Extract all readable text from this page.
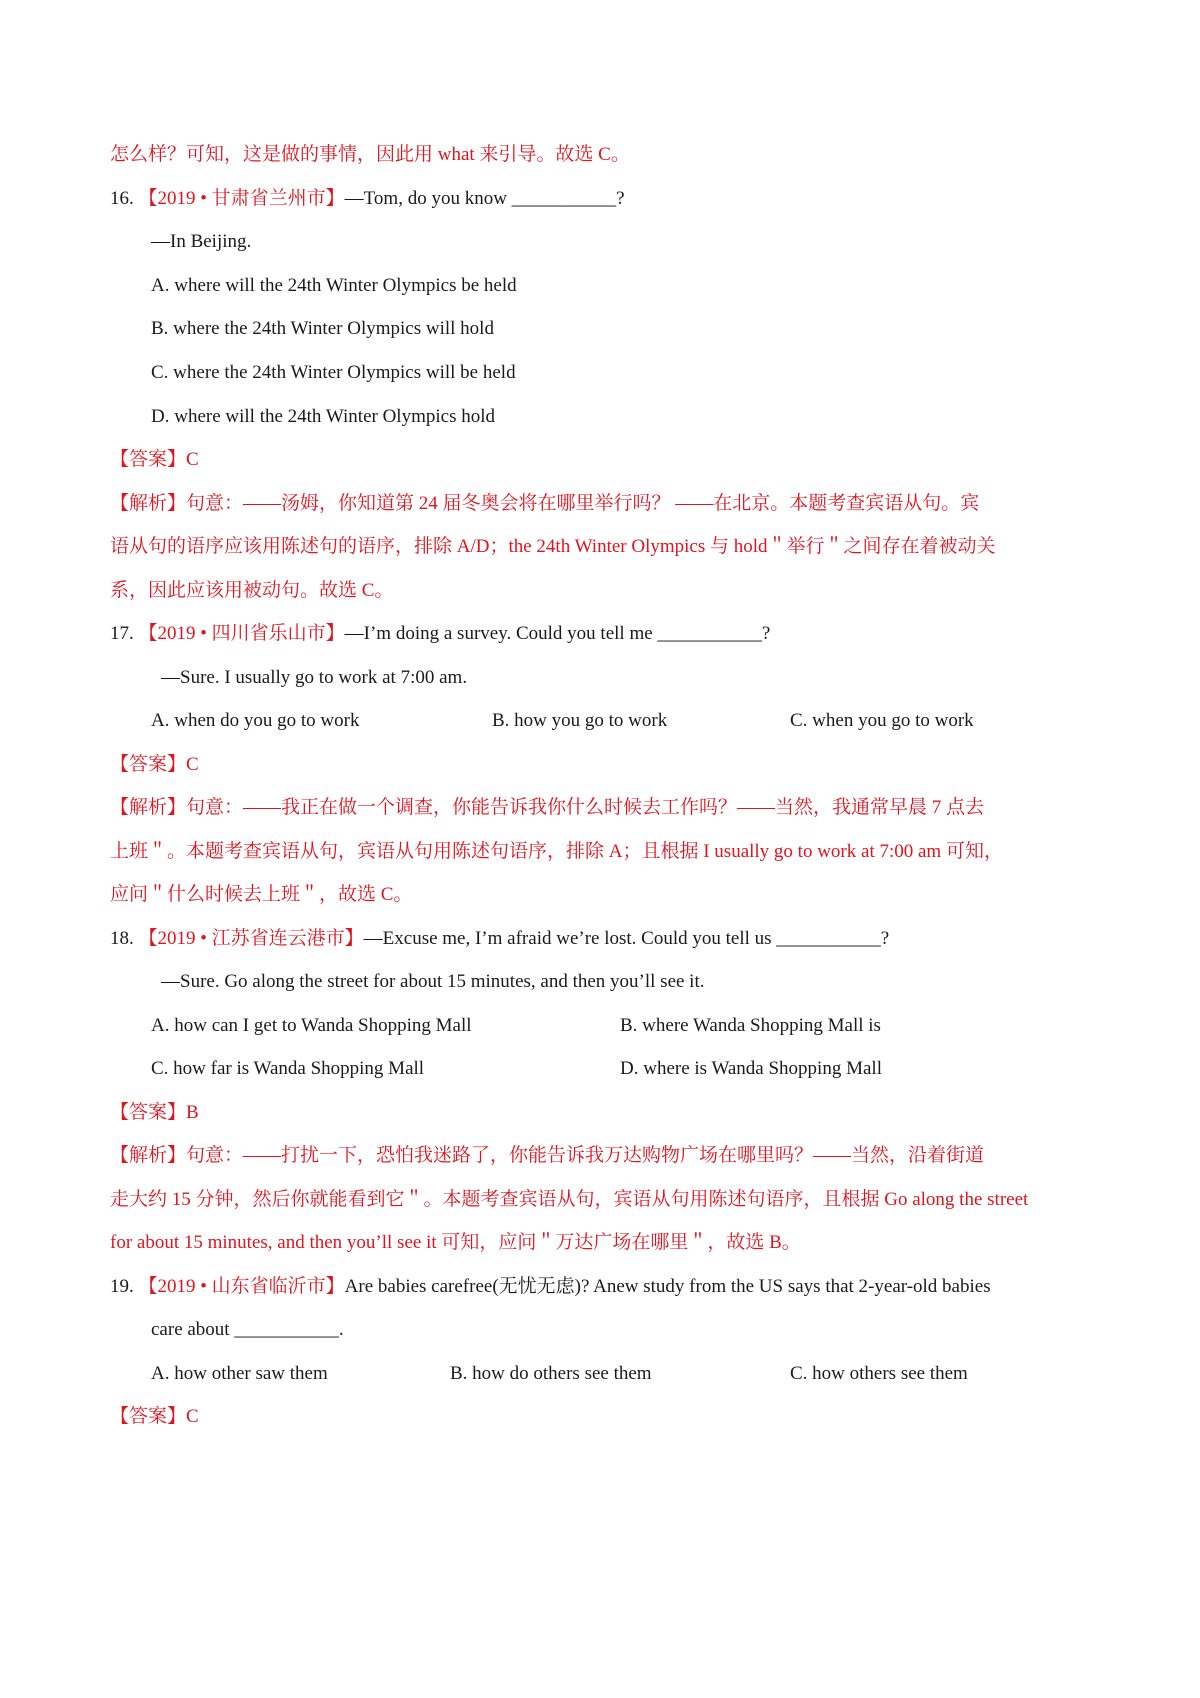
怎么样？可知，这是做的事情，因此用 what 来引导。故选 C。
16. 【2019 • 甘肃省兰州市】—Tom, do you know ___________?
—In Beijing.
A. where will the 24th Winter Olympics be held
B. where the 24th Winter Olympics will hold
C. where the 24th Winter Olympics will be held
D. where will the 24th Winter Olympics hold
【答案】C
【解析】句意：——汤姆，你知道第 24 届冬奥会将在哪里举行吗？ ——在北京。本题考查宾语从句。宾
语从句的语序应该用陈述句的语序，排除 A/D；the 24th Winter Olympics 与 hold＂举行＂之间存在着被动关
系，因此应该用被动句。故选 C。
17. 【2019 • 四川省乐山市】—I’m doing a survey. Could you tell me ___________?
—Sure. I usually go to work at 7:00 am.
A. when do you go to work	B. how you go to work	C. when you go to work
【答案】C
【解析】句意：——我正在做一个调查，你能告诉我你什么时候去工作吗？——当然，我通常早晨 7 点去
上班＂。本题考查宾语从句，宾语从句用陈述句语序，排除 A；且根据 I usually go to work at 7:00 am 可知，
应问＂什么时候去上班＂，故选 C。
18. 【2019 • 江苏省连云港市】—Excuse me, I’m afraid we’re lost. Could you tell us ___________?
—Sure. Go along the street for about 15 minutes, and then you’ll see it.
A. how can I get to Wanda Shopping Mall	B. where Wanda Shopping Mall is
C. how far is Wanda Shopping Mall	D. where is Wanda Shopping Mall
【答案】B
【解析】句意：——打扰一下，恐怕我迷路了，你能告诉我万达购物广场在哪里吗？——当然，沿着街道
走大约 15 分钟，然后你就能看到它＂。本题考查宾语从句，宾语从句用陈述句语序，且根据 Go along the street
for about 15 minutes, and then you’ll see it 可知，应问＂万达广场在哪里＂，故选 B。
19. 【2019 • 山东省临沂市】Are babies carefree(无忧无虑)? Anew study from the US says that 2-year-old babies
care about ___________.
A. how other saw them	B. how do others see them	C. how others see them
【答案】C
